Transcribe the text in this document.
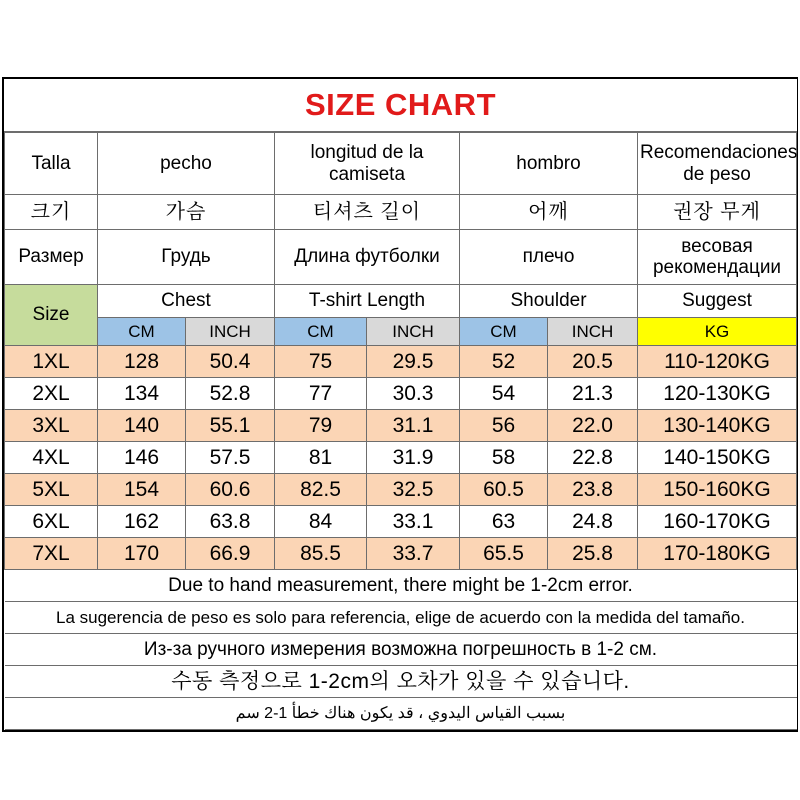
SIZE CHART							
Talla	pecho		longitud de la camiseta		hombro		Recomendaciones de peso
크기	가슴		티셔츠 길이		어깨		권장 무게
Размер	Грудь		Длина футболки		плечо		весовая рекомендации
Size	Chest		T-shirt Length		Shoulder		Suggest
	CM	INCH	CM	INCH	CM	INCH	KG
1XL	128	50.4	75	29.5	52	20.5	110-120KG
2XL	134	52.8	77	30.3	54	21.3	120-130KG
3XL	140	55.1	79	31.1	56	22.0	130-140KG
4XL	146	57.5	81	31.9	58	22.8	140-150KG
5XL	154	60.6	82.5	32.5	60.5	23.8	150-160KG
6XL	162	63.8	84	33.1	63	24.8	160-170KG
7XL	170	66.9	85.5	33.7	65.5	25.8	170-180KG
Due to hand measurement, there might be 1-2cm error.							
La sugerencia de peso es solo para referencia, elige de acuerdo con la medida del tamaño.							
Из-за ручного измерения возможна погрешность в 1-2 см.							
수동 측정으로 1-2cm의 오차가 있을 수 있습니다.							
بسبب القياس اليدوي ، قد يكون هناك خطأ 1-2 سم							
